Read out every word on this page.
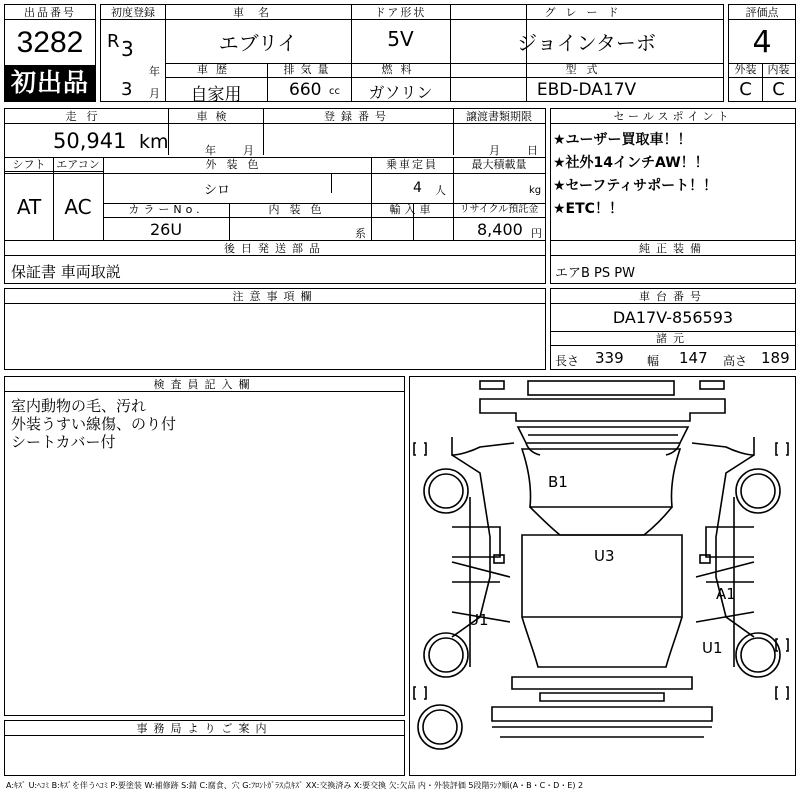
出品番号
3282
初出品
初度登録
R 3
年
3 月
車名
エブリイ
ドア形状
5V
グレード
ジョインターボ
車歴
自家用
排気量
660 cc
燃料
ガソリン
型式
EBD-DA17V
評価点
4
外装	内装
C	C
走行
50,941 km
車検
年 月
登録番号	譲渡書類期限
月 日
シフト
AT
エアコン
AC
外装色
シロ
乗車定員
4 人
最大積載量
kg
カラーNo.
26U
内装色
系
輸入車	リサイクル預託金
8,400 円
セールスポイント
★ユーザー買取車！！
★社外14インチAW！！
★セーフティサポート！！
★ETC！！
後日発送部品
保証書 車両取説
純正装備
エアB PS PW
注意事項欄	車台番号
DA17V-856593
諸元
長さ 339 幅 147 高さ 189
検査員記入欄
室内動物の毛、汚れ
外装うすい線傷、のり付
シートカバー付
B1
U3
A1
U1
U1
事務局よりご案内
A:ｷｽﾞ U:ﾍｺﾐ B:ｷｽﾞを伴うﾍｺﾐ P:要塗装 W:補修跡 S:錆 C:腐食、穴 G:ﾌﾛﾝﾄｶﾞﾗｽ点ｷｽﾞ XX:交換済み X:要交換 欠:欠品 内・外装評価 5段階ﾗﾝｸ順(A・B・C・D・E) 2
